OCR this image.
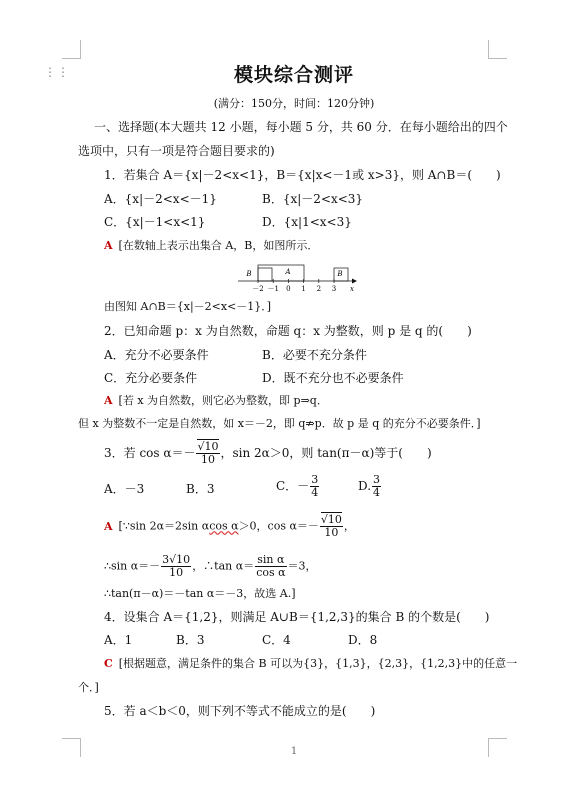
⋮⋮	模块综合测评
(满分：150分，时间：120分钟)
一、选择题(本大题共 12 小题，每小题 5 分，共 60 分．在每小题给出的四个
选项中，只有一项是符合题目要求的)
1．若集合 A＝{x|－2<x<1}，B＝{x|x<－1或 x>3}，则 A∩B＝(　　)
A．{x|－2<x<－1}	B．{x|－2<x<3}
C．{x|－1<x<1}	D．{x|1<x<3}
A [在数轴上表示出集合 A，B，如图所示．
B	A	B
－2 －1 0 1 2 3 x
由图知 A∩B＝{x|－2<x<－1}．]
2．已知命题 p：x 为自然数，命题 q：x 为整数，则 p 是 q 的(　　)
A．充分不必要条件	B．必要不充分条件
C．充分必要条件	D．既不充分也不必要条件
A [若 x 为自然数，则它必为整数，即 p⇒q．
但 x 为整数不一定是自然数，如 x＝－2，即 q⇏p．故 p 是 q 的充分不必要条件．]
3．若 $\cos \alpha=- \frac{√10}{10}$ ，sin 2α＞0，则 tan(π－α)等于(　　)
A．－3	B．3	C．－ $\frac{3}{4}$	D. $\frac{3}{4}$
A [∵sin 2α＝2sin αcos α＞0，$\cos \alpha=- \frac{√10}{10}$ ，
∴sin $\alpha=- \frac{3√10}{10}$ ，∴tan $\alpha= \frac{\text{sin α}}{\text{cos α}} =3$，
∴tan(π－α)＝－tan α＝－3，故选 A.]
4．设集合 A＝{1,2}，则满足 A∪B＝{1,2,3}的集合 B 的个数是(　　)
A．1	B．3	C．4	D．8
C [根据题意，满足条件的集合 B 可以为{3}，{1,3}，{2,3}，{1,2,3}中的任意一
个．]
5．若 a＜b＜0，则下列不等式不能成立的是(　　)
1
